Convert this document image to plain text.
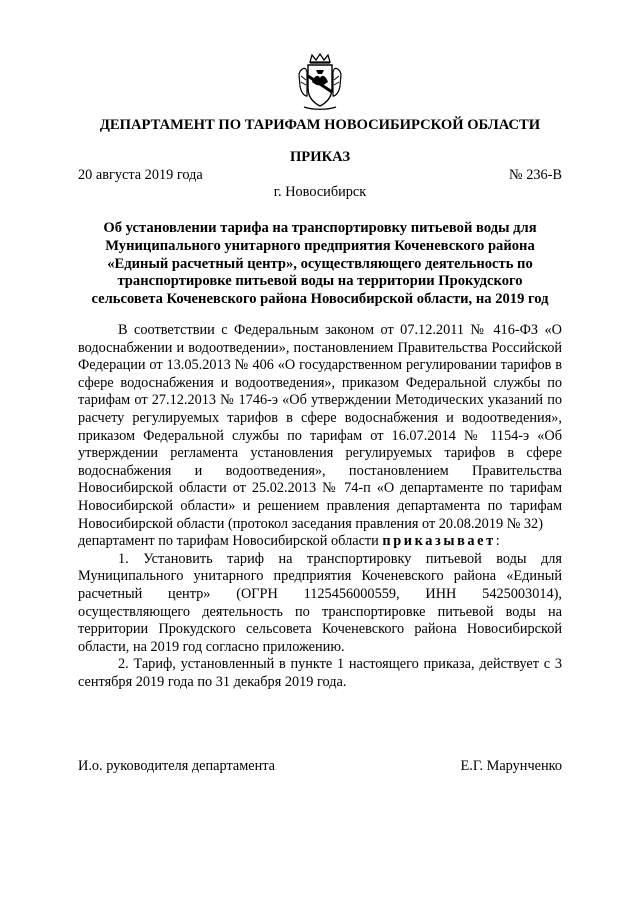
ДЕПАРТАМЕНТ ПО ТАРИФАМ НОВОСИБИРСКОЙ ОБЛАСТИ
ПРИКАЗ
20 августа 2019 года	№ 236-В
г. Новосибирск
Об установлении тарифа на транспортировку питьевой воды для Муниципального унитарного предприятия Коченевского района «Единый расчетный центр», осуществляющего деятельность по транспортировке питьевой воды на территории Прокудского сельсовета Коченевского района Новосибирской области, на 2019 год

В соответствии с Федеральным законом от 07.12.2011 № 416-ФЗ «О водоснабжении и водоотведении», постановлением Правительства Российской Федерации от 13.05.2013 № 406 «О государственном регулировании тарифов в сфере водоснабжения и водоотведения», приказом Федеральной службы по тарифам от 27.12.2013 № 1746-э «Об утверждении Методических указаний по расчету регулируемых тарифов в сфере водоснабжения и водоотведения», приказом Федеральной службы по тарифам от 16.07.2014 № 1154-э «Об утверждении регламента установления регулируемых тарифов в сфере водоснабжения и водоотведения», постановлением Правительства Новосибирской области от 25.02.2013 № 74-п «О департаменте по тарифам Новосибирской области» и решением правления департамента по тарифам Новосибирской области (протокол заседания правления от 20.08.2019 № 32)

департамент по тарифам Новосибирской области приказывает:

1. Установить тариф на транспортировку питьевой воды для Муниципального унитарного предприятия Коченевского района «Единый расчетный центр» (ОГРН 1125456000559, ИНН 5425003014), осуществляющего деятельность по транспортировке питьевой воды на территории Прокудского сельсовета Коченевского района Новосибирской области, на 2019 год согласно приложению.

2. Тариф, установленный в пункте 1 настоящего приказа, действует с 3 сентября 2019 года по 31 декабря 2019 года.

И.о. руководителя департамента	Е.Г. Марунченко
